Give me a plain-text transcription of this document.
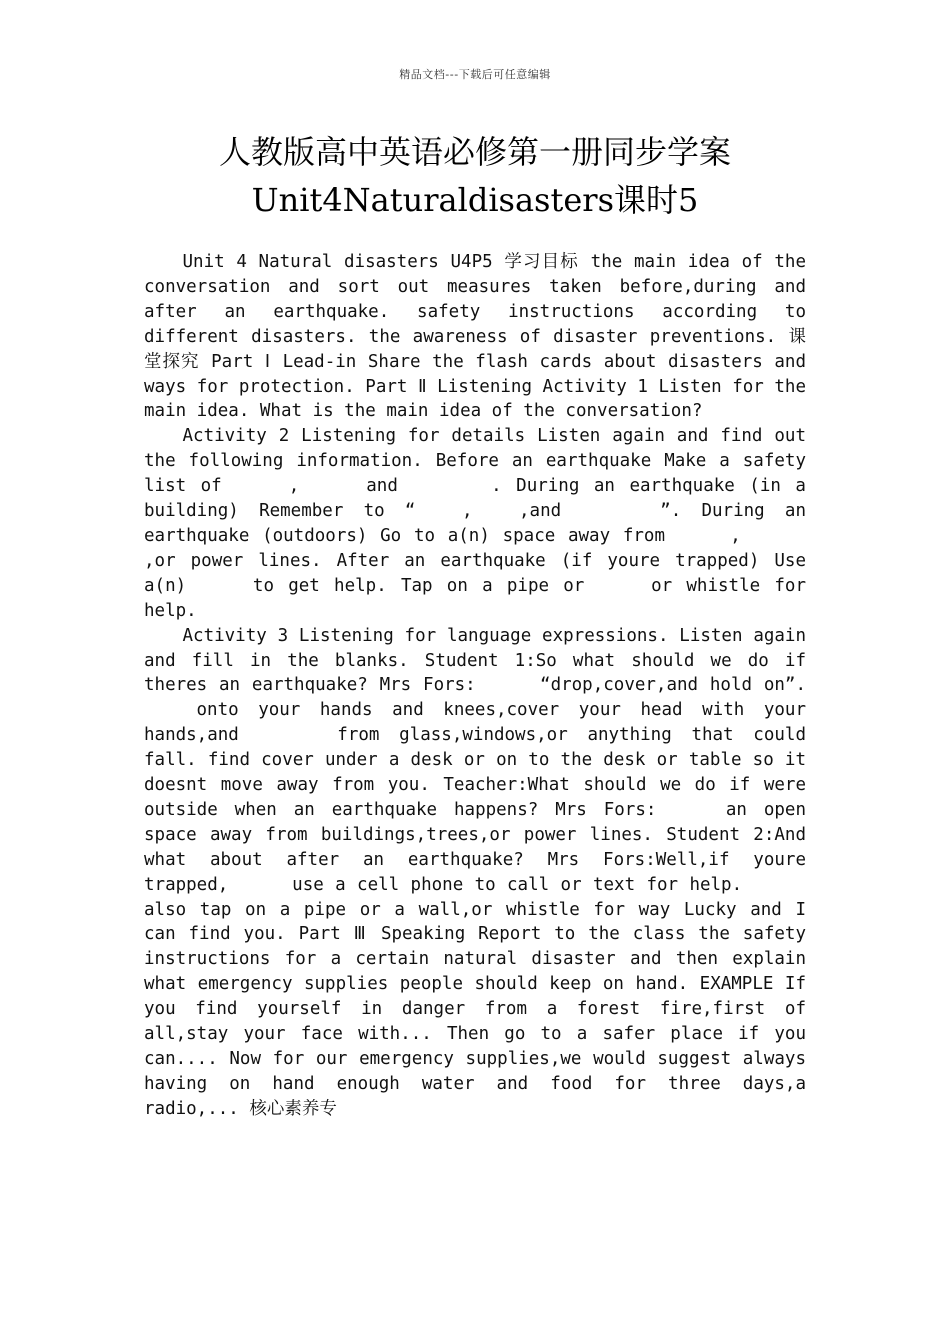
精品文档---下载后可任意编辑
人教版高中英语必修第一册同步学案
Unit4Naturaldisasters课时5

Unit 4 Natural disasters U4P5 学习目标 the main idea of the conversation and sort out measures taken before,during and after an earthquake. safety instructions according to different disasters. the awareness of disaster preventions. 课堂探究 Part Ⅰ Lead-in Share the flash cards about disasters and ways for protection. Part Ⅱ Listening Activity 1 Listen for the main idea. What is the main idea of the conversation?

Activity 2 Listening for details Listen again and find out the following information. Before an earthquake Make a safety list of	,	and	. During an earthquake (in a building) Remember to “	,	,and	”. During an earthquake (outdoors) Go to a(n) space away from	, ,or power lines. After an earthquake (if youre trapped) Use a(n)	to get help. Tap on a pipe or	or whistle for help.

Activity 3 Listening for language expressions. Listen again and fill in the blanks. Student 1:So what should we do if theres an earthquake? Mrs Fors:	“drop,cover,and hold on”. onto your hands and knees,cover your head with your hands,and	from glass,windows,or anything that could fall. find cover under a desk or on to the desk or table so it doesnt move away from you. Teacher:What should we do if were outside when an earthquake happens? Mrs Fors:	an open space away from buildings,trees,or power lines. Student 2:And what about after an earthquake? Mrs Fors:Well,if youre trapped,	use a cell phone to call or text for help. also tap on a pipe or a wall,or whistle for way Lucky and I can find you. Part Ⅲ Speaking Report to the class the safety instructions for a certain natural disaster and then explain what emergency supplies people should keep on hand. EXAMPLE If you find yourself in danger from a forest fire,first of all,stay your face with... Then go to a safer place if you can.... Now for our emergency supplies,we would suggest always having on hand enough water and food for three days,a radio,... 核心素养专
